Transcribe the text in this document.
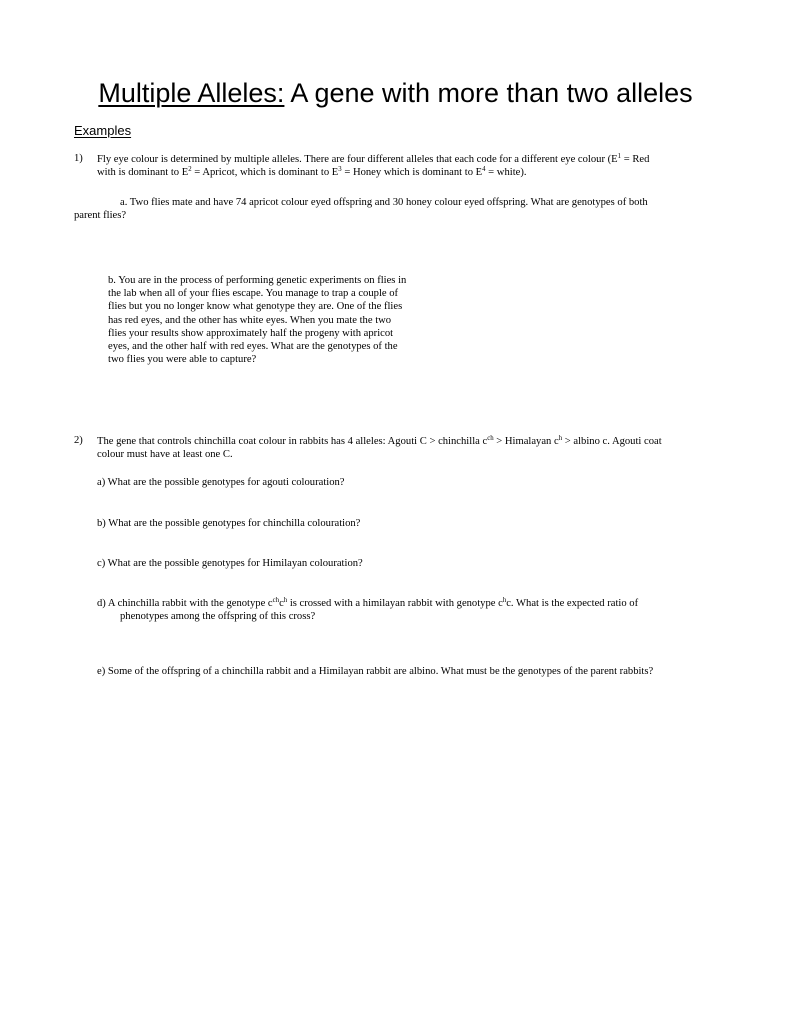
Multiple Alleles: A gene with more than two alleles
Examples
1) Fly eye colour is determined by multiple alleles. There are four different alleles that each code for a different eye colour ($E^1$ = Red
with is dominant to $E^2$ = Apricot, which is dominant to $E^3$ = Honey which is dominant to $E^4$ = white).
a. Two flies mate and have 74 apricot colour eyed offspring and 30 honey colour eyed offspring. What are genotypes of both
parent flies?
b. You are in the process of performing genetic experiments on flies in
the lab when all of your flies escape. You manage to trap a couple of
flies but you no longer know what genotype they are. One of the flies
has red eyes, and the other has white eyes. When you mate the two
flies your results show approximately half the progeny with apricot
eyes, and the other half with red eyes. What are the genotypes of the
two flies you were able to capture?
2) The gene that controls chinchilla coat colour in rabbits has 4 alleles: Agouti C > chinchilla $c^{ch}$ > Himalayan $c^h$ > albino c. Agouti coat
colour must have at least one C.
a) What are the possible genotypes for agouti colouration?
b) What are the possible genotypes for chinchilla colouration?
c) What are the possible genotypes for Himilayan colouration?
d) A chinchilla rabbit with the genotype $c^{ch}c^h$ is crossed with a himilayan rabbit with genotype $c^hc$. What is the expected ratio of
phenotypes among the offspring of this cross?
e) Some of the offspring of a chinchilla rabbit and a Himilayan rabbit are albino. What must be the genotypes of the parent rabbits?
